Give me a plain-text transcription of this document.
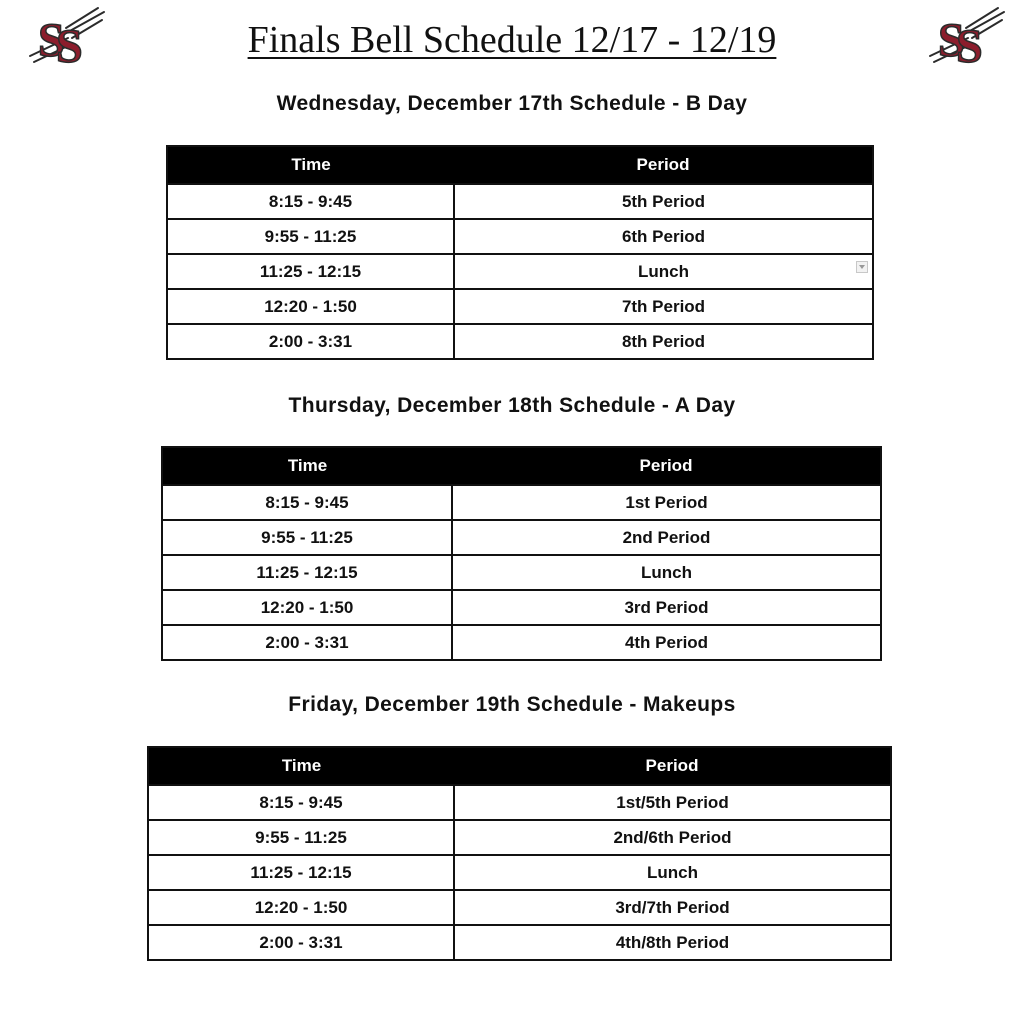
S
S	S
S
Finals Bell Schedule 12/17 - 12/19
Wednesday, December 17th Schedule - B Day
Time	Period
8:15 - 9:45	5th Period
9:55 - 11:25	6th Period
11:25 - 12:15	Lunch

12:20 - 1:50	7th Period
2:00 - 3:31	8th Period
Thursday, December 18th Schedule - A Day
Time	Period
8:15 - 9:45	1st Period
9:55 - 11:25	2nd Period
11:25 - 12:15	Lunch
12:20 - 1:50	3rd Period
2:00 - 3:31	4th Period
Friday, December 19th Schedule - Makeups
Time	Period
8:15 - 9:45	1st/5th Period
9:55 - 11:25	2nd/6th Period
11:25 - 12:15	Lunch
12:20 - 1:50	3rd/7th Period
2:00 - 3:31	4th/8th Period
